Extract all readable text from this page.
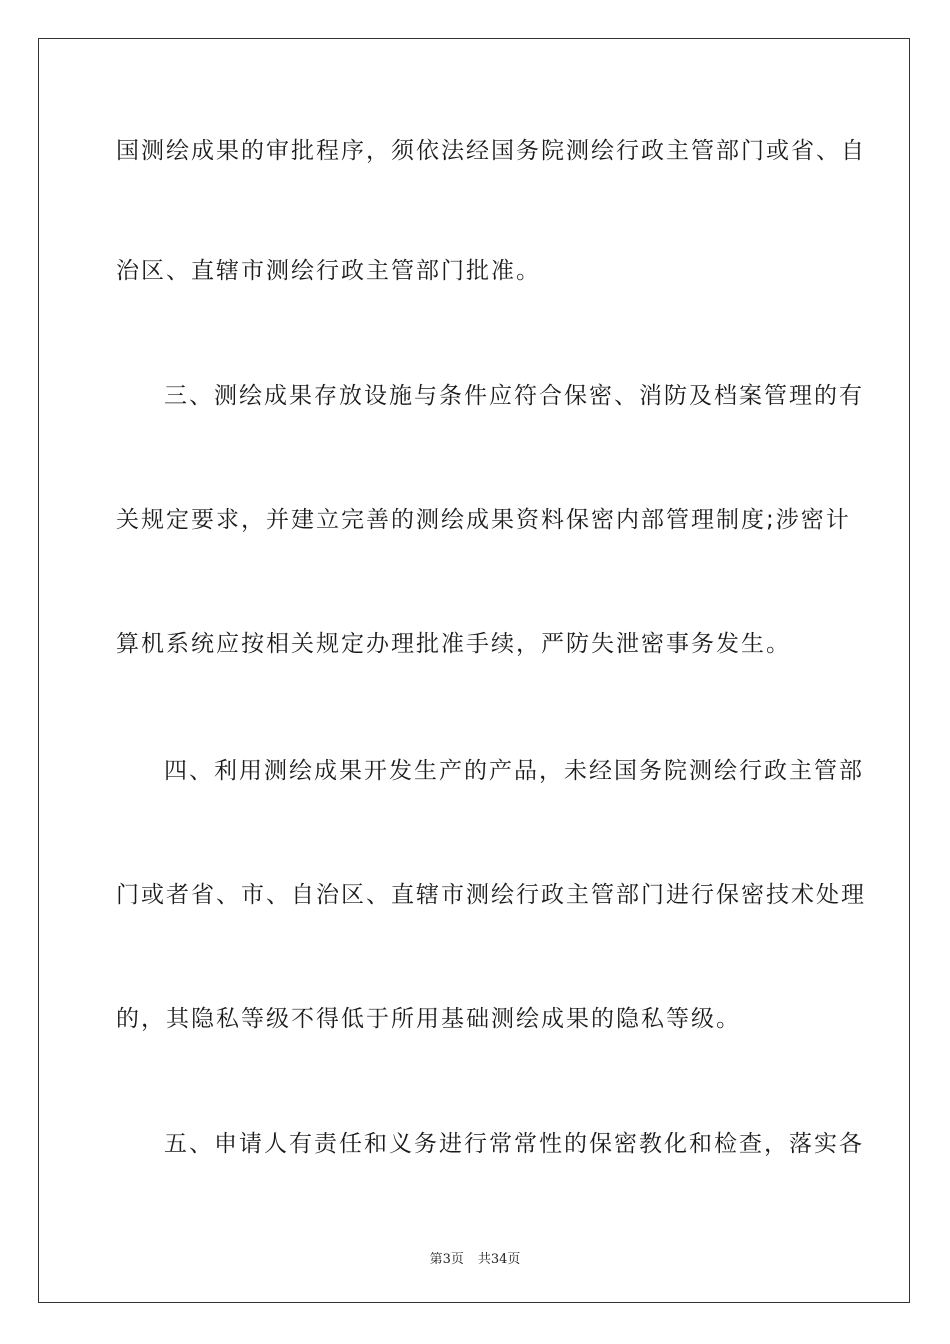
国测绘成果的审批程序，须依法经国务院测绘行政主管部门或省、自
治区、直辖市测绘行政主管部门批准。
三、测绘成果存放设施与条件应符合保密、消防及档案管理的有
关规定要求，并建立完善的测绘成果资料保密内部管理制度;涉密计
算机系统应按相关规定办理批准手续，严防失泄密事务发生。
四、利用测绘成果开发生产的产品，未经国务院测绘行政主管部
门或者省、市、自治区、直辖市测绘行政主管部门进行保密技术处理
的，其隐私等级不得低于所用基础测绘成果的隐私等级。
五、申请人有责任和义务进行常常性的保密教化和检查，落实各
第3页 共34页
